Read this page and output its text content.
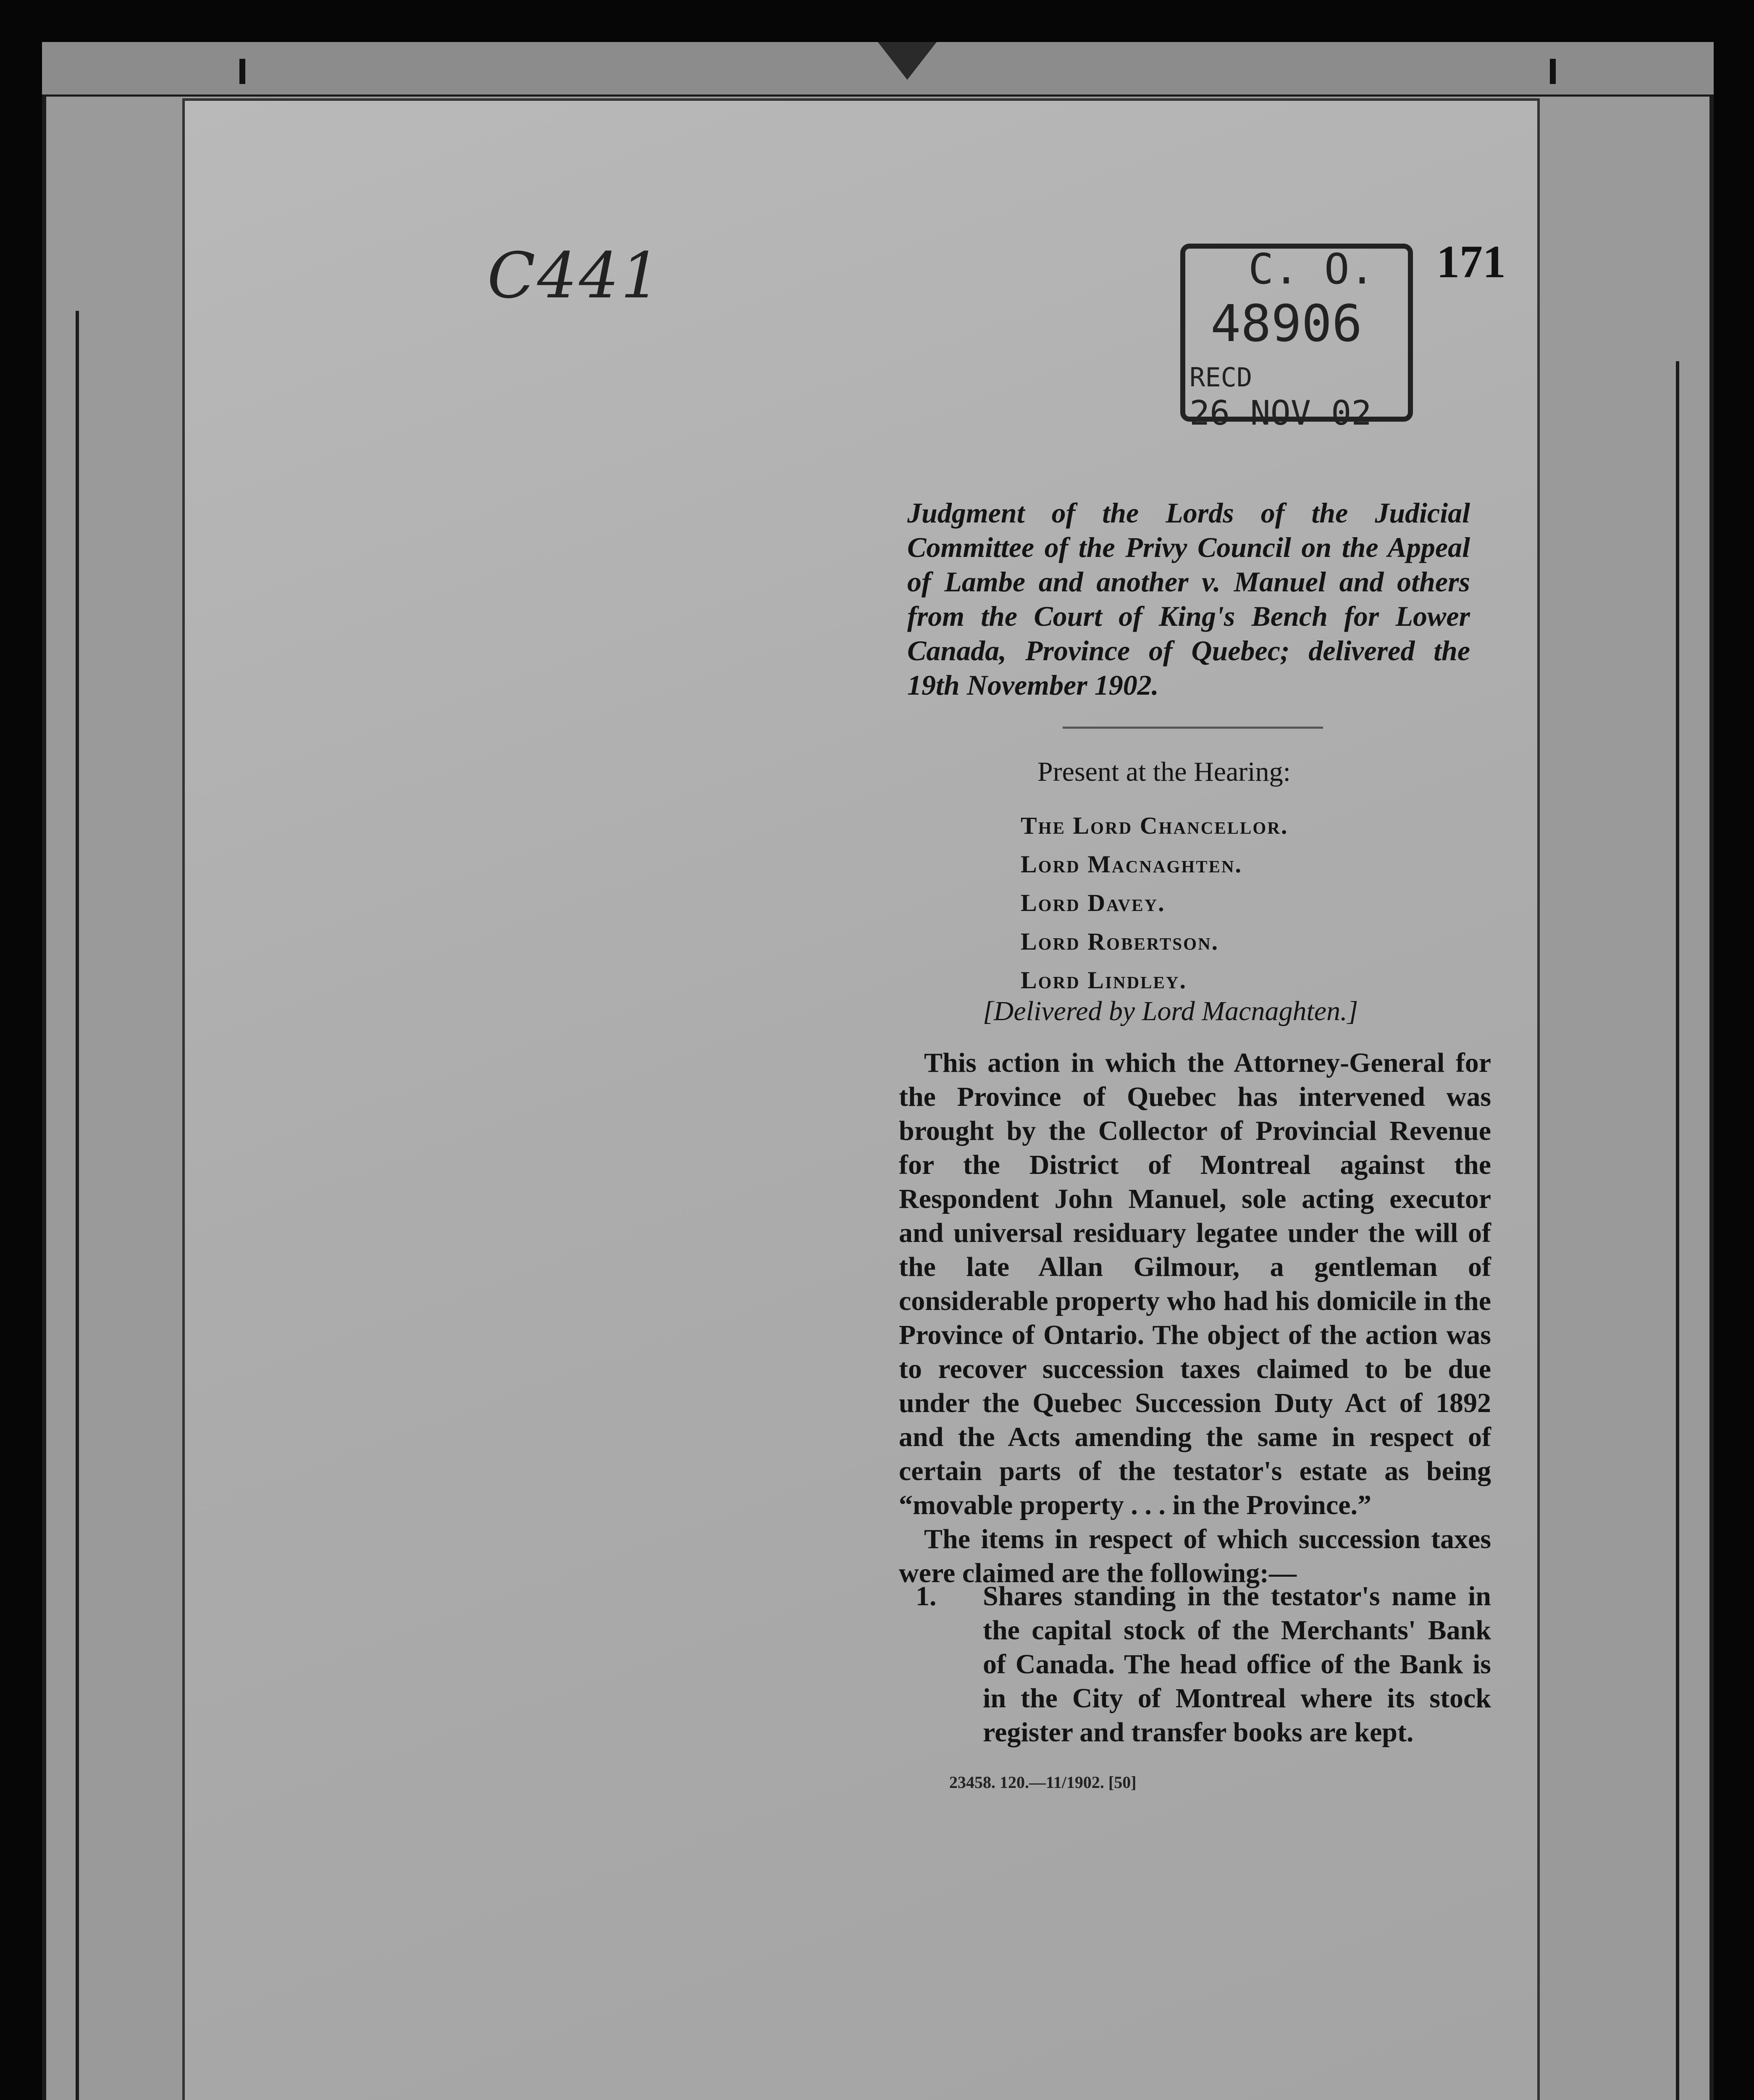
C441	C. O.
48906
RECD
26 NOV 02
171
Judgment of the Lords of the Judicial Committee of the Privy Council on the Appeal of Lambe and another v. Manuel and others from the Court of King's Bench for Lower Canada, Province of Quebec; delivered the 19th November 1902.
Present at the Hearing:
The Lord Chancellor.
Lord Macnaghten.
Lord Davey.
Lord Robertson.
Lord Lindley.
[Delivered by Lord Macnaghten.]

This action in which the Attorney-General for the Province of Quebec has intervened was brought by the Collector of Provincial Revenue for the District of Montreal against the Respondent John Manuel, sole acting executor and universal residuary legatee under the will of the late Allan Gilmour, a gentleman of considerable property who had his domicile in the Province of Ontario. The object of the action was to recover succession taxes claimed to be due under the Quebec Succession Duty Act of 1892 and the Acts amending the same in respect of certain parts of the testator's estate as being “movable property . . . in the Province.”

The items in respect of which succession taxes were claimed are the following:—

1. Shares standing in the testator's name in the capital stock of the Merchants' Bank of Canada. The head office of the Bank is in the City of Montreal where its stock register and transfer books are kept.
23458. 120.—11/1902. [50]
